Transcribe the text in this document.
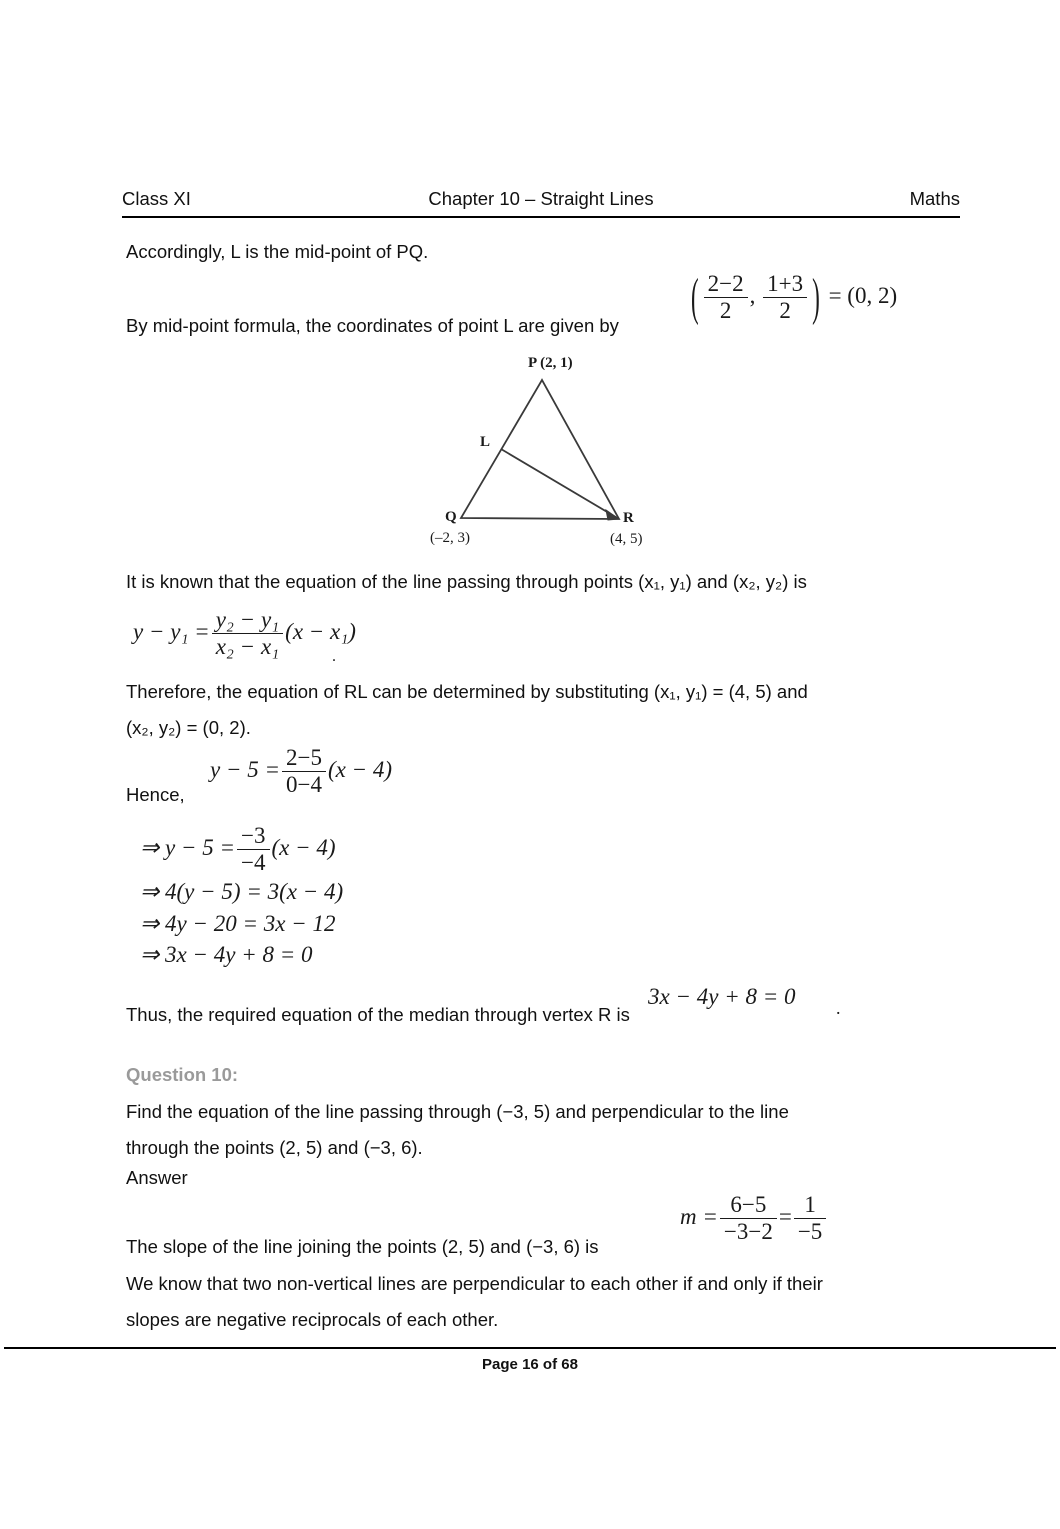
Class XI	Chapter 10 – Straight Lines	Maths
Accordingly, L is the mid-point of PQ.
By mid-point formula, the coordinates of point L are given by
( $\frac{2-2}{2}$ , $\frac{1+3}{2}$ ) = (0, 2)
P (2, 1)
L
Q
(–2, 3)
R
(4, 5)
It is known that the equation of the line passing through points (x₁, y₁) and (x₂, y₂) is
$y - y_1 = \frac{\text{y₂ − y₁}}{\text{x₂ − x₁}} (x - x_1)$
.
Therefore, the equation of RL can be determined by substituting (x₁, y₁) = (4, 5) and
(x₂, y₂) = (0, 2).
Hence,
$y - 5 = \frac{2-5}{0-4} (x - 4)$
⇒ $y - 5 = \frac{-3}{-4} (x - 4)$
⇒ 4(y − 5) = 3(x − 4)
⇒ 4y − 20 = 3x − 12
⇒ 3x − 4y + 8 = 0
Thus, the required equation of the median through vertex R is
3x − 4y + 8 = 0 .
Question 10:
Find the equation of the line passing through (−3, 5) and perpendicular to the line
through the points (2, 5) and (−3, 6).
Answer
The slope of the line joining the points (2, 5) and (−3, 6) is
$m = \frac{6-5}{-3-2} = \frac{1}{-5}$
We know that two non-vertical lines are perpendicular to each other if and only if their
slopes are negative reciprocals of each other.
Page 16 of 68
